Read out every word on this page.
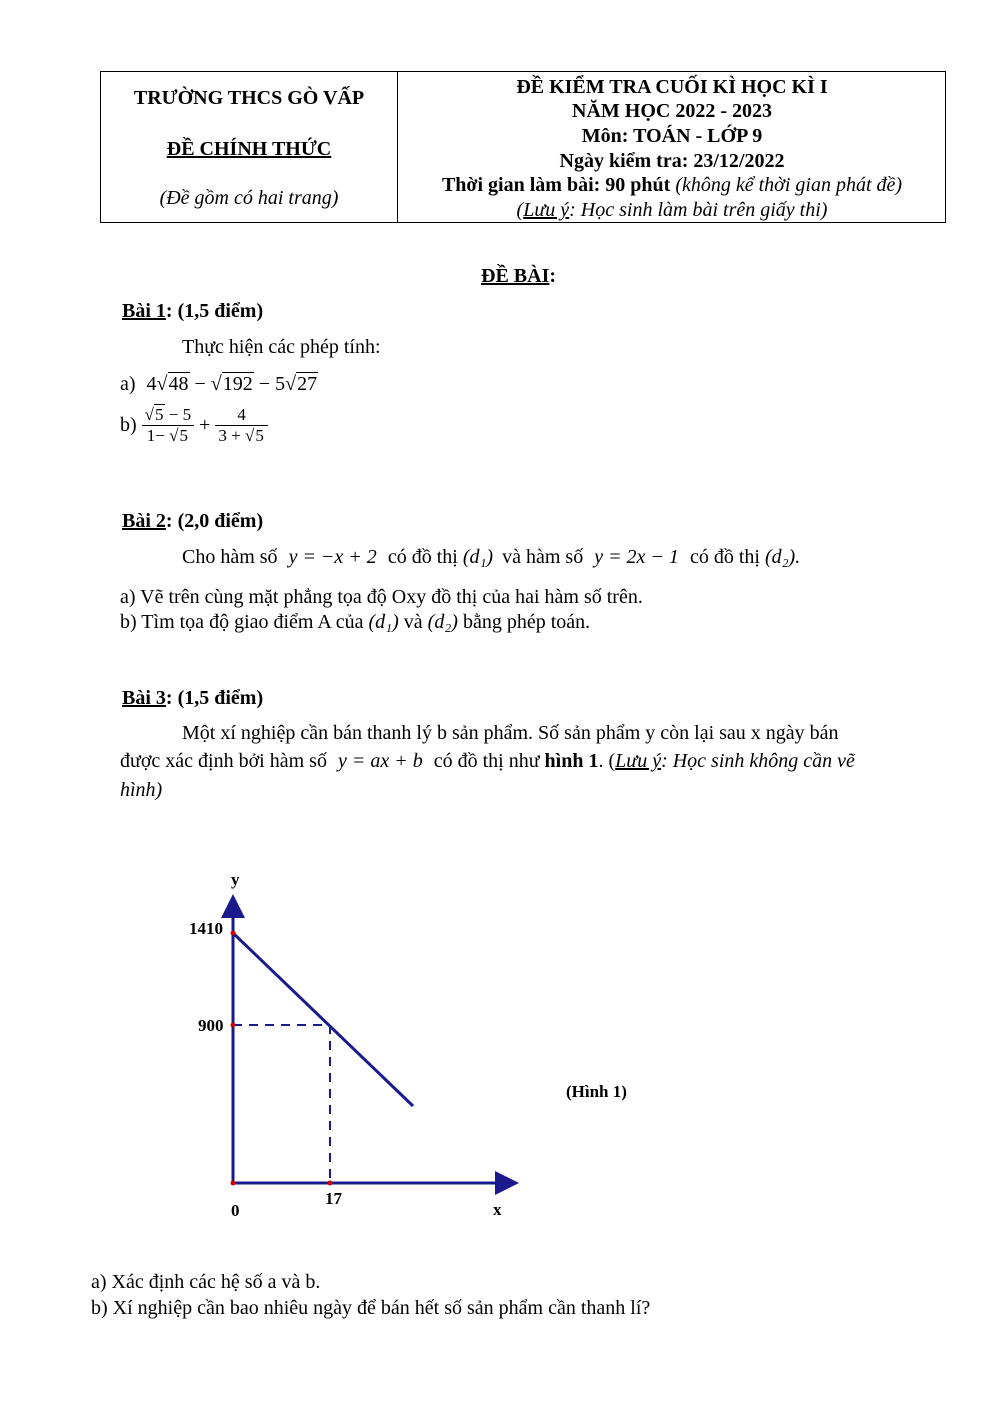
TRƯỜNG THCS GÒ VẤP
ĐỀ CHÍNH THỨC
(Đề gồm có hai trang)
ĐỀ KIỂM TRA CUỐI KÌ HỌC KÌ I
NĂM HỌC 2022 - 2023
Môn: TOÁN - LỚP 9
Ngày kiểm tra: 23/12/2022
Thời gian làm bài: 90 phút (không kể thời gian phát đề)
(Lưu ý: Học sinh làm bài trên giấy thi)
ĐỀ BÀI:
Bài 1: (1,5 điểm)
Thực hiện các phép tính:
a) 4√48 − √192 − 5√27
$b) \frac{√5 - 5}{1- √5} + \frac{4}{3 + √5}$
Bài 2: (2,0 điểm)
Cho hàm số y = −x + 2 có đồ thị (d₁) và hàm số y = 2x − 1 có đồ thị (d₂).
a) Vẽ trên cùng mặt phẳng tọa độ Oxy đồ thị của hai hàm số trên.
b) Tìm tọa độ giao điểm A của (d₁) và (d₂) bằng phép toán.
Bài 3: (1,5 điểm)
Một xí nghiệp cần bán thanh lý b sản phẩm. Số sản phẩm y còn lại sau x ngày bán
được xác định bởi hàm số y = ax + b có đồ thị như hình 1. (Lưu ý: Học sinh không cần vẽ
hình)
y
1410
900
17
0	x
(Hình 1)
a) Xác định các hệ số a và b.
b) Xí nghiệp cần bao nhiêu ngày để bán hết số sản phẩm cần thanh lí?
